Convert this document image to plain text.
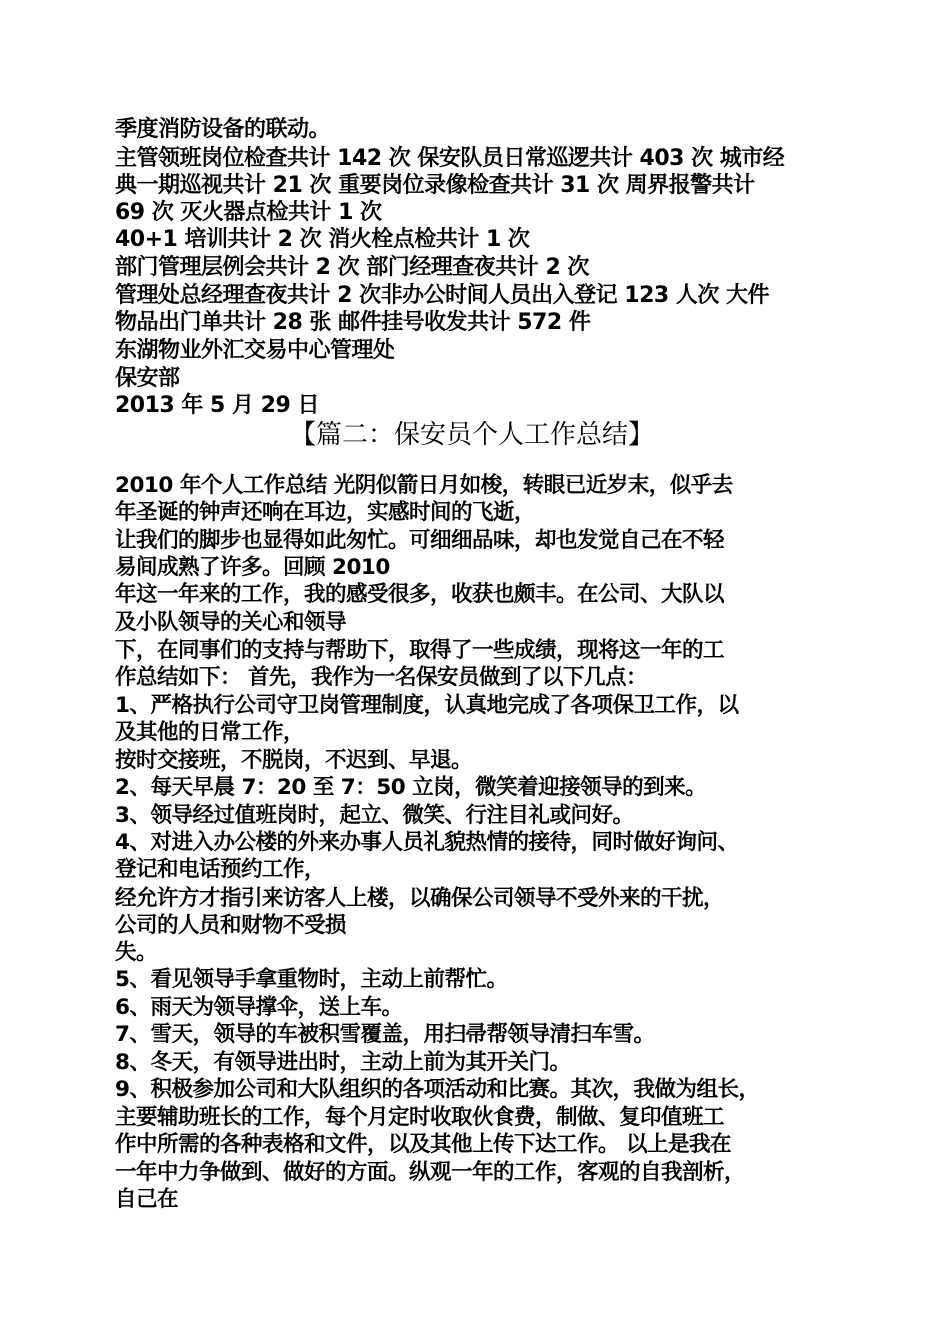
季度消防设备的联动。

主管领班岗位检查共计 142 次 保安队员日常巡逻共计 403 次 城市经

典一期巡视共计 21 次 重要岗位录像检查共计 31 次 周界报警共计

69 次 灭火器点检共计 1 次

40+1 培训共计 2 次 消火栓点检共计 1 次

部门管理层例会共计 2 次 部门经理查夜共计 2 次

管理处总经理查夜共计 2 次非办公时间人员出入登记 123 人次 大件

物品出门单共计 28 张 邮件挂号收发共计 572 件

东湖物业外汇交易中心管理处

保安部

2013 年 5 月 29 日

【篇二：保安员个人工作总结】

2010 年个人工作总结 光阴似箭日月如梭，转眼已近岁末，似乎去

年圣诞的钟声还响在耳边，实感时间的飞逝，

让我们的脚步也显得如此匆忙。可细细品味，却也发觉自己在不轻

易间成熟了许多。回顾 2010

年这一年来的工作，我的感受很多，收获也颇丰。在公司、大队以

及小队领导的关心和领导

下，在同事们的支持与帮助下，取得了一些成绩，现将这一年的工

作总结如下： 首先，我作为一名保安员做到了以下几点：

1、严格执行公司守卫岗管理制度，认真地完成了各项保卫工作，以

及其他的日常工作，

按时交接班，不脱岗，不迟到、早退。

2、每天早晨 7：20 至 7：50 立岗，微笑着迎接领导的到来。

3、领导经过值班岗时，起立、微笑、行注目礼或问好。

4、对进入办公楼的外来办事人员礼貌热情的接待，同时做好询问、

登记和电话预约工作，

经允许方才指引来访客人上楼，以确保公司领导不受外来的干扰，

公司的人员和财物不受损

失。

5、看见领导手拿重物时，主动上前帮忙。

6、雨天为领导撑伞，送上车。

7、雪天，领导的车被积雪覆盖，用扫帚帮领导清扫车雪。

8、冬天，有领导进出时，主动上前为其开关门。

9、积极参加公司和大队组织的各项活动和比赛。其次，我做为组长，

主要辅助班长的工作，每个月定时收取伙食费，制做、复印值班工

作中所需的各种表格和文件，以及其他上传下达工作。 以上是我在

一年中力争做到、做好的方面。纵观一年的工作，客观的自我剖析，

自己在
